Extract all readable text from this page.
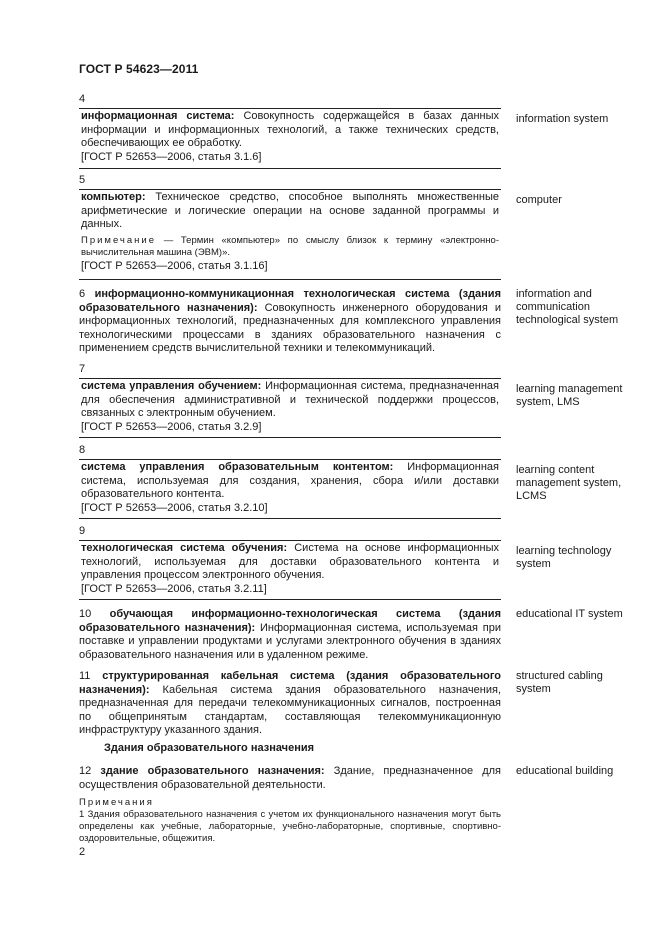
ГОСТ Р 54623—2011
4
информационная система: Совокупность содержащейся в базах данных информации и информационных технологий, а также технических средств, обеспечивающих ее обработку.
[ГОСТ Р 52653—2006, статья 3.1.6]
information system
5
компьютер: Техническое средство, способное выполнять множественные арифметические и логические операции на основе заданной программы и данных.
Примечание — Термин «компьютер» по смыслу близок к термину «электронно-вычислительная машина (ЭВМ)».
[ГОСТ Р 52653—2006, статья 3.1.16]
computer
6 информационно-коммуникационная технологическая система (здания образовательного назначения): Совокупность инженерного оборудования и информационных технологий, предназначенных для комплексного управления технологическими процессами в зданиях образовательного назначения с применением средств вычислительной техники и телекоммуникаций.
information and communication technological system
7
система управления обучением: Информационная система, предназначенная для обеспечения административной и технической поддержки процессов, связанных с электронным обучением.
[ГОСТ Р 52653—2006, статья 3.2.9]
learning management system, LMS
8
система управления образовательным контентом: Информационная система, используемая для создания, хранения, сбора и/или доставки образовательного контента.
[ГОСТ Р 52653—2006, статья 3.2.10]
learning content management system, LCMS
9
технологическая система обучения: Система на основе информационных технологий, используемая для доставки образовательного контента и управления процессом электронного обучения.
[ГОСТ Р 52653—2006, статья 3.2.11]
learning technology system
10 обучающая информационно-технологическая система (здания образовательного назначения): Информационная система, используемая при поставке и управлении продуктами и услугами электронного обучения в зданиях образовательного назначения или в удаленном режиме.
educational IT system
11 структурированная кабельная система (здания образовательного назначения): Кабельная система здания образовательного назначения, предназначенная для передачи телекоммуникационных сигналов, построенная по общепринятым стандартам, составляющая телекоммуникационную инфраструктуру указанного здания.
structured cabling system
Здания образовательного назначения
12 здание образовательного назначения: Здание, предназначенное для осуществления образовательной деятельности.
educational building
Примечания
1 Здания образовательного назначения с учетом их функционального назначения могут быть определены как учебные, лабораторные, учебно-лабораторные, спортивные, спортивно-оздоровительные, общежития.
2
